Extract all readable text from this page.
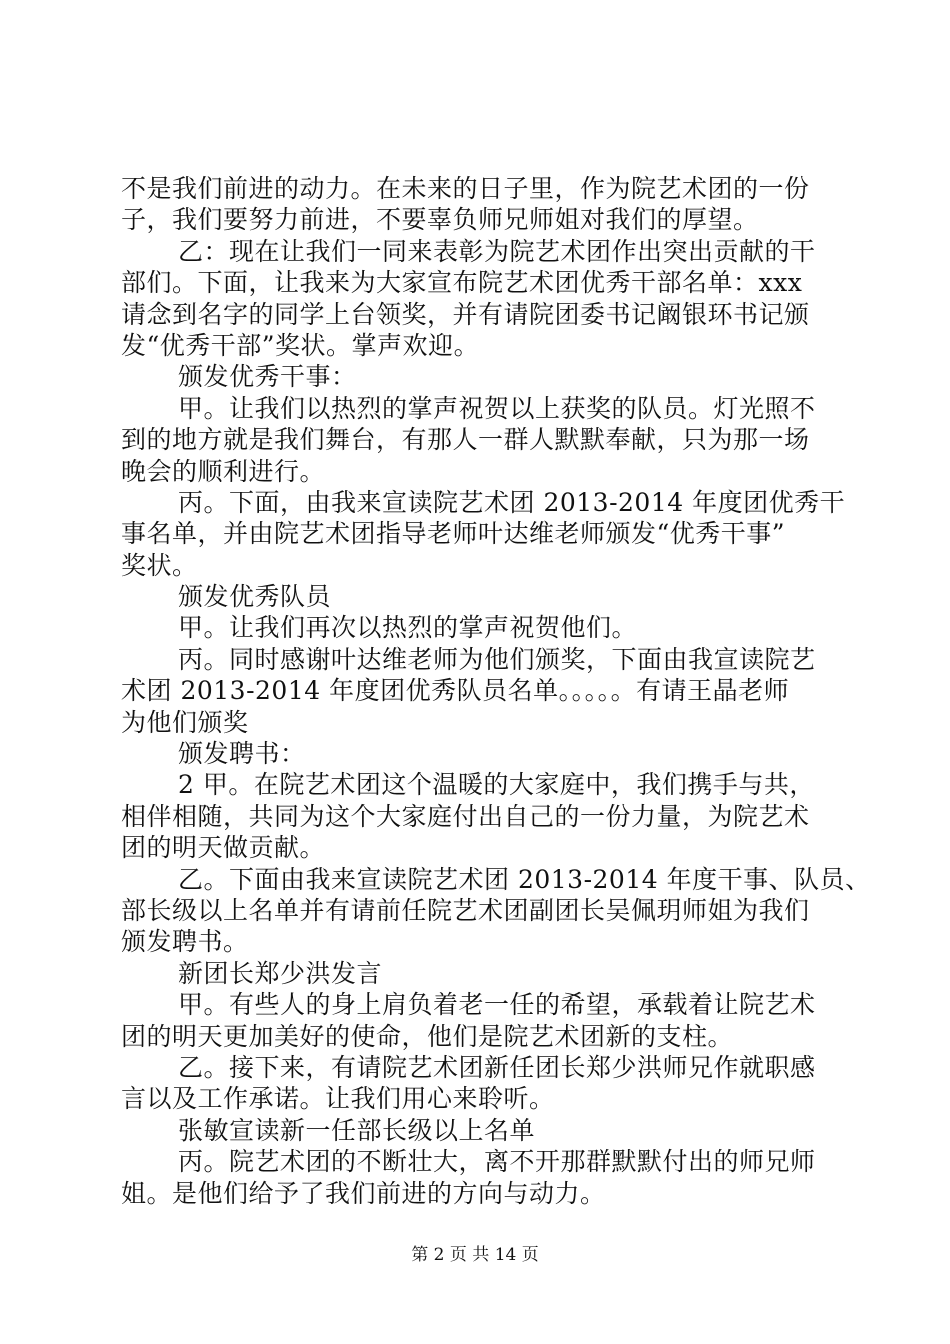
不是我们前进的动力。在未来的日子里，作为院艺术团的一份
子，我们要努力前进，不要辜负师兄师姐对我们的厚望。
乙：现在让我们一同来表彰为院艺术团作出突出贡献的干
部们。下面，让我来为大家宣布院艺术团优秀干部名单：xxx
请念到名字的同学上台领奖，并有请院团委书记阚银环书记颁
发“优秀干部”奖状。掌声欢迎。
颁发优秀干事：
甲。让我们以热烈的掌声祝贺以上获奖的队员。灯光照不
到的地方就是我们舞台，有那人一群人默默奉献，只为那一场
晚会的顺利进行。
丙。下面，由我来宣读院艺术团 2013-2014 年度团优秀干
事名单，并由院艺术团指导老师叶达维老师颁发“优秀干事”
奖状。
颁发优秀队员
甲。让我们再次以热烈的掌声祝贺他们。
丙。同时感谢叶达维老师为他们颁奖，下面由我宣读院艺
术团 2013-2014 年度团优秀队员名单。。。。。有请王晶老师
为他们颁奖
颁发聘书：
2 甲。在院艺术团这个温暖的大家庭中，我们携手与共，
相伴相随，共同为这个大家庭付出自己的一份力量，为院艺术
团的明天做贡献。
乙。下面由我来宣读院艺术团 2013-2014 年度干事、队员、
部长级以上名单并有请前任院艺术团副团长吴佩玥师姐为我们
颁发聘书。
新团长郑少洪发言
甲。有些人的身上肩负着老一任的希望，承载着让院艺术
团的明天更加美好的使命，他们是院艺术团新的支柱。
乙。接下来，有请院艺术团新任团长郑少洪师兄作就职感
言以及工作承诺。让我们用心来聆听。
张敏宣读新一任部长级以上名单
丙。院艺术团的不断壮大，离不开那群默默付出的师兄师
姐。是他们给予了我们前进的方向与动力。
第 2 页 共 14 页
